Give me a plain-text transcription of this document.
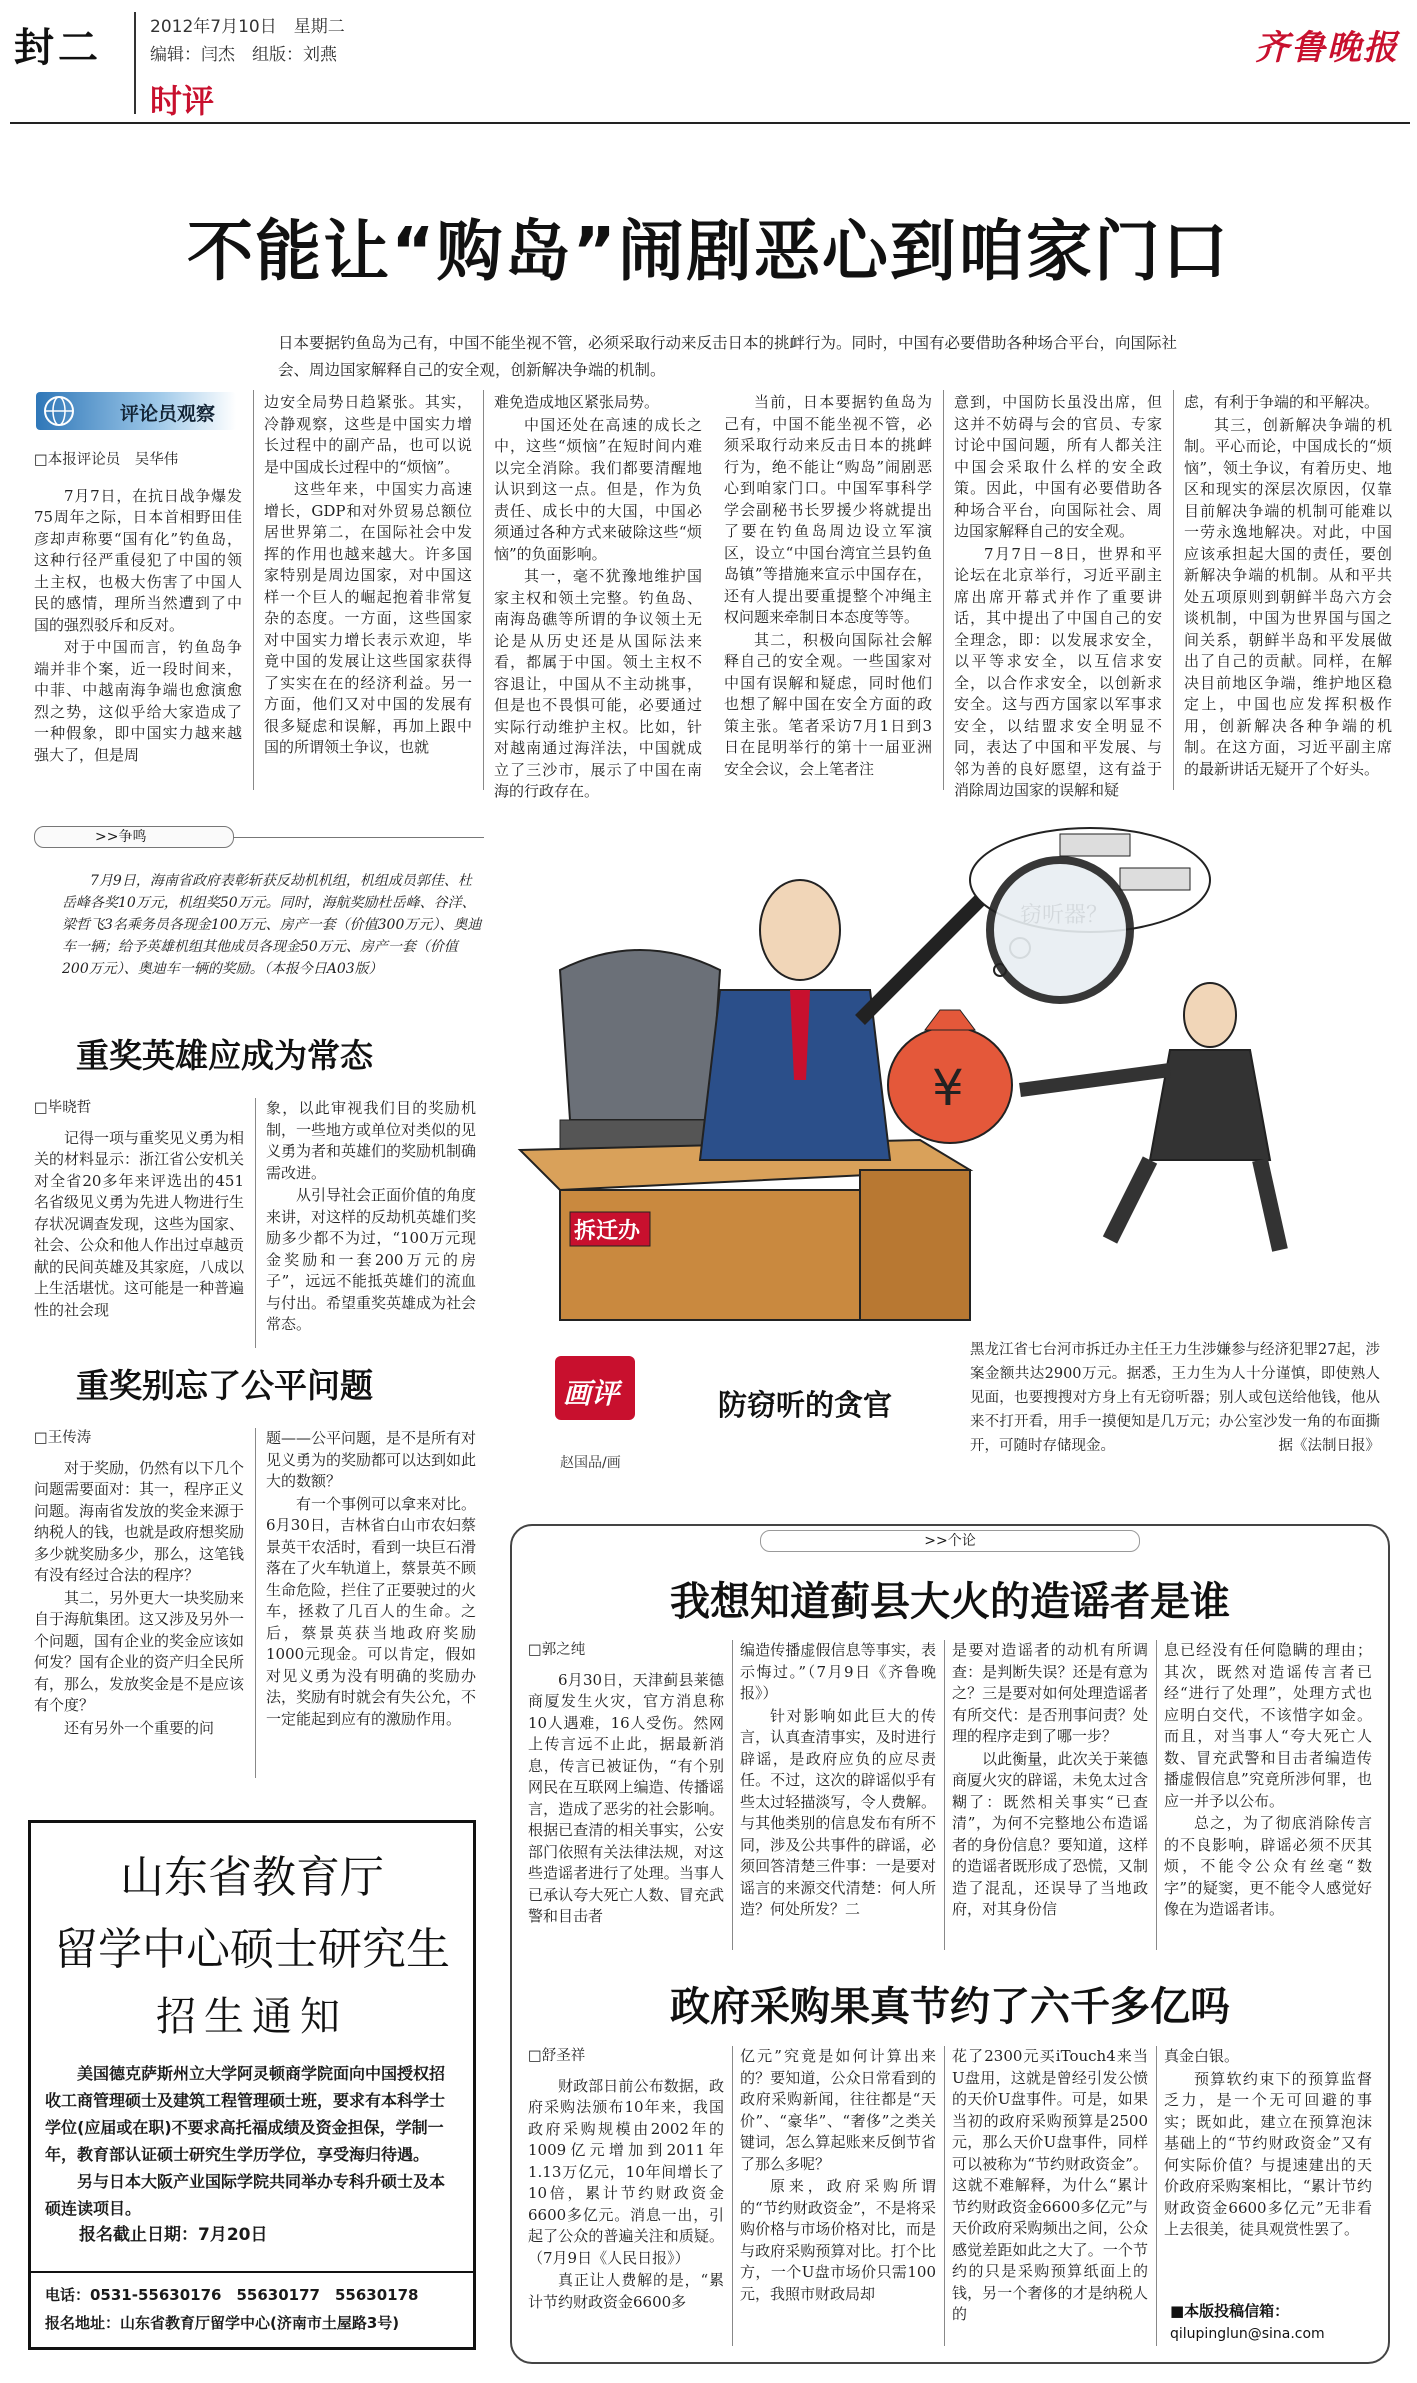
封二	2012年7月10日　星期二
编辑：闫杰　组版：刘燕
时评
齐鲁晚报
不能让“购岛”闹剧恶心到咱家门口
日本要据钓鱼岛为己有，中国不能坐视不管，必须采取行动来反击日本的挑衅行为。同时，中国有必要借助各种场合平台，向国际社会、周边国家解释自己的安全观，创新解决争端的机制。
评论员观察

□本报评论员　吴华伟

7月7日，在抗日战争爆发75周年之际，日本首相野田佳彦却声称要“国有化”钓鱼岛，这种行径严重侵犯了中国的领土主权，也极大伤害了中国人民的感情，理所当然遭到了中国的强烈驳斥和反对。

对于中国而言，钓鱼岛争端并非个案，近一段时间来，中菲、中越南海争端也愈演愈烈之势，这似乎给大家造成了一种假象，即中国实力越来越强大了，但是周

边安全局势日趋紧张。其实，冷静观察，这些是中国实力增长过程中的副产品，也可以说是中国成长过程中的“烦恼”。

这些年来，中国实力高速增长，GDP和对外贸易总额位居世界第二，在国际社会中发挥的作用也越来越大。许多国家特别是周边国家，对中国这样一个巨人的崛起抱着非常复杂的态度。一方面，这些国家对中国实力增长表示欢迎，毕竟中国的发展让这些国家获得了实实在在的经济利益。另一方面，他们又对中国的发展有很多疑虑和误解，再加上跟中国的所谓领土争议，也就

难免造成地区紧张局势。

中国还处在高速的成长之中，这些“烦恼”在短时间内难以完全消除。我们都要清醒地认识到这一点。但是，作为负责任、成长中的大国，中国必须通过各种方式来破除这些“烦恼”的负面影响。

其一，毫不犹豫地维护国家主权和领土完整。钓鱼岛、南海岛礁等所谓的争议领土无论是从历史还是从国际法来看，都属于中国。领土主权不容退让，中国从不主动挑事，但是也不畏惧可能，必要通过实际行动维护主权。比如，针对越南通过海洋法，中国就成立了三沙市，展示了中国在南海的行政存在。

当前，日本要据钓鱼岛为己有，中国不能坐视不管，必须采取行动来反击日本的挑衅行为，绝不能让“购岛”闹剧恶心到咱家门口。中国军事科学学会副秘书长罗援少将就提出了要在钓鱼岛周边设立军演区，设立“中国台湾宜兰县钓鱼岛镇”等措施来宣示中国存在，还有人提出要重提整个冲绳主权问题来牵制日本态度等等。

其二，积极向国际社会解释自己的安全观。一些国家对中国有误解和疑虑，同时他们也想了解中国在安全方面的政策主张。笔者采访7月1日到3日在昆明举行的第十一届亚洲安全会议，会上笔者注

意到，中国防长虽没出席，但这并不妨碍与会的官员、专家讨论中国问题，所有人都关注中国会采取什么样的安全政策。因此，中国有必要借助各种场合平台，向国际社会、周边国家解释自己的安全观。

7月7日－8日，世界和平论坛在北京举行，习近平副主席出席开幕式并作了重要讲话，其中提出了中国自己的安全理念，即：以发展求安全，以平等求安全，以互信求安全，以合作求安全，以创新求安全。这与西方国家以军事求安全，以结盟求安全明显不同，表达了中国和平发展、与邻为善的良好愿望，这有益于消除周边国家的误解和疑

虑，有利于争端的和平解决。

其三，创新解决争端的机制。平心而论，中国成长的“烦恼”，领土争议，有着历史、地区和现实的深层次原因，仅靠目前解决争端的机制可能难以一劳永逸地解决。对此，中国应该承担起大国的责任，要创新解决争端的机制。从和平共处五项原则到朝鲜半岛六方会谈机制，中国为世界国与国之间关系，朝鲜半岛和平发展做出了自己的贡献。同样，在解决目前地区争端，维护地区稳定上，中国也应发挥积极作用，创新解决各种争端的机制。在这方面，习近平副主席的最新讲话无疑开了个好头。

>>争鸣
7月9日，海南省政府表彰斩获反劫机机组，机组成员郭佳、杜岳峰各奖10万元，机组奖50万元。同时，海航奖励杜岳峰、谷洋、梁哲飞3名乘务员各现金100万元、房产一套（价值300万元）、奥迪车一辆；给予英雄机组其他成员各现金50万元、房产一套（价值200万元）、奥迪车一辆的奖励。（本报今日A03版）
重奖英雄应成为常态

□毕晓哲

记得一项与重奖见义勇为相关的材料显示：浙江省公安机关对全省20多年来评选出的451名省级见义勇为先进人物进行生存状况调查发现，这些为国家、社会、公众和他人作出过卓越贡献的民间英雄及其家庭，八成以上生活堪忧。这可能是一种普遍性的社会现

象，以此审视我们目的奖励机制，一些地方或单位对类似的见义勇为者和英雄们的奖励机制确需改进。

从引导社会正面价值的角度来讲，对这样的反劫机英雄们奖励多少都不为过，“100万元现金奖励和一套200万元的房子”，远远不能抵英雄们的流血与付出。希望重奖英雄成为社会常态。

重奖别忘了公平问题

□王传涛

对于奖励，仍然有以下几个问题需要面对：其一，程序正义问题。海南省发放的奖金来源于纳税人的钱，也就是政府想奖励多少就奖励多少，那么，这笔钱有没有经过合法的程序？

其二，另外更大一块奖励来自于海航集团。这又涉及另外一个问题，国有企业的奖金应该如何发？国有企业的资产归全民所有，那么，发放奖金是不是应该有个度？

还有另外一个重要的问

题——公平问题，是不是所有对见义勇为的奖励都可以达到如此大的数额？

有一个事例可以拿来对比。6月30日，吉林省白山市农妇蔡景英干农活时，看到一块巨石滑落在了火车轨道上，蔡景英不顾生命危险，拦住了正要驶过的火车，拯救了几百人的生命。之后，蔡景英获当地政府奖励1000元现金。可以肯定，假如对见义勇为没有明确的奖励办法，奖励有时就会有失公允，不一定能起到应有的激励作用。

山东省教育厅
留学中心硕士研究生
招生通知

美国德克萨斯州立大学阿灵顿商学院面向中国授权招收工商管理硕士及建筑工程管理硕士班，要求有本科学士学位(应届或在职)不要求高托福成绩及资金担保，学制一年，教育部认证硕士研究生学历学位，享受海归待遇。

另与日本大阪产业国际学院共同举办专科升硕士及本硕连读项目。

报名截止日期：7月20日

电话：0531-55630176　55630177　55630178
报名地址：山东省教育厅留学中心(济南市土屋路3号)
拆迁办
¥
画评	防窃听的贪官
赵国品/画
黑龙江省七台河市拆迁办主任王力生涉嫌参与经济犯罪27起，涉案金额共达2900万元。据悉，王力生为人十分谨慎，即使熟人见面，也要搜搜对方身上有无窃听器；别人或包送给他钱，他从来不打开看，用手一摸便知是几万元；办公室沙发一角的布面撕开，可随时存储现金。	据《法制日报》
>>个论
我想知道蓟县大火的造谣者是谁

□郭之纯

6月30日，天津蓟县莱德商厦发生火灾，官方消息称10人遇难，16人受伤。然网上传言远不止此，据最新消息，传言已被证伪，“有个别网民在互联网上编造、传播谣言，造成了恶劣的社会影响。根据已查清的相关事实，公安部门依照有关法律法规，对这些造谣者进行了处理。当事人已承认夸大死亡人数、冒充武警和目击者

编造传播虚假信息等事实，表示悔过。”（7月9日《齐鲁晚报》）

针对影响如此巨大的传言，认真查清事实，及时进行辟谣，是政府应负的应尽责任。不过，这次的辟谣似乎有些太过轻描淡写，令人费解。与其他类别的信息发布有所不同，涉及公共事件的辟谣，必须回答清楚三件事：一是要对谣言的来源交代清楚：何人所造？何处所发？二

是要对造谣者的动机有所调查：是判断失误？还是有意为之？三是要对如何处理造谣者有所交代：是否刑事问责？处理的程序走到了哪一步？

以此衡量，此次关于莱德商厦火灾的辟谣，未免太过含糊了：既然相关事实“已查清”，为何不完整地公布造谣者的身份信息？要知道，这样的造谣者既形成了恐慌，又制造了混乱，还误导了当地政府，对其身份信

息已经没有任何隐瞒的理由；其次，既然对造谣传言者已经“进行了处理”，处理方式也应明白交代，不该惜字如金。而且，对当事人“夸大死亡人数、冒充武警和目击者编造传播虚假信息”究竟所涉何罪，也应一并予以公布。

总之，为了彻底消除传言的不良影响，辟谣必须不厌其烦，不能令公众有丝毫“数字”的疑窦，更不能令人感觉好像在为造谣者讳。

政府采购果真节约了六千多亿吗

□舒圣祥

财政部日前公布数据，政府采购法颁布10年来，我国政府采购规模由2002年的1009亿元增加到2011年1.13万亿元，10年间增长了10倍，累计节约财政资金6600多亿元。消息一出，引起了公众的普遍关注和质疑。（7月9日《人民日报》）

真正让人费解的是，“累计节约财政资金6600多

亿元”究竟是如何计算出来的？要知道，公众日常看到的政府采购新闻，往往都是“天价”、“豪华”、“奢侈”之类关键词，怎么算起账来反倒节省了那么多呢？

原来，政府采购所谓的“节约财政资金”，不是将采购价格与市场价格对比，而是与政府采购预算对比。打个比方，一个U盘市场价只需100元，我照市财政局却

花了2300元买iTouch4来当U盘用，这就是曾经引发公愤的天价U盘事件。可是，如果当初的政府采购预算是2500元，那么天价U盘事件，同样可以被称为“节约财政资金”。这就不难解释，为什么“累计节约财政资金6600多亿元”与天价政府采购频出之间，公众感觉差距如此之大了。一个节约的只是采购预算纸面上的钱，另一个奢侈的才是纳税人的

真金白银。

预算软约束下的预算监督乏力，是一个无可回避的事实；既如此，建立在预算泡沫基础上的“节约财政资金”又有何实际价值？与提速建出的天价政府采购案相比，“累计节约财政资金6600多亿元”无非看上去很美，徒具观赏性罢了。

■本版投稿信箱：
qilupinglun@sina.com
